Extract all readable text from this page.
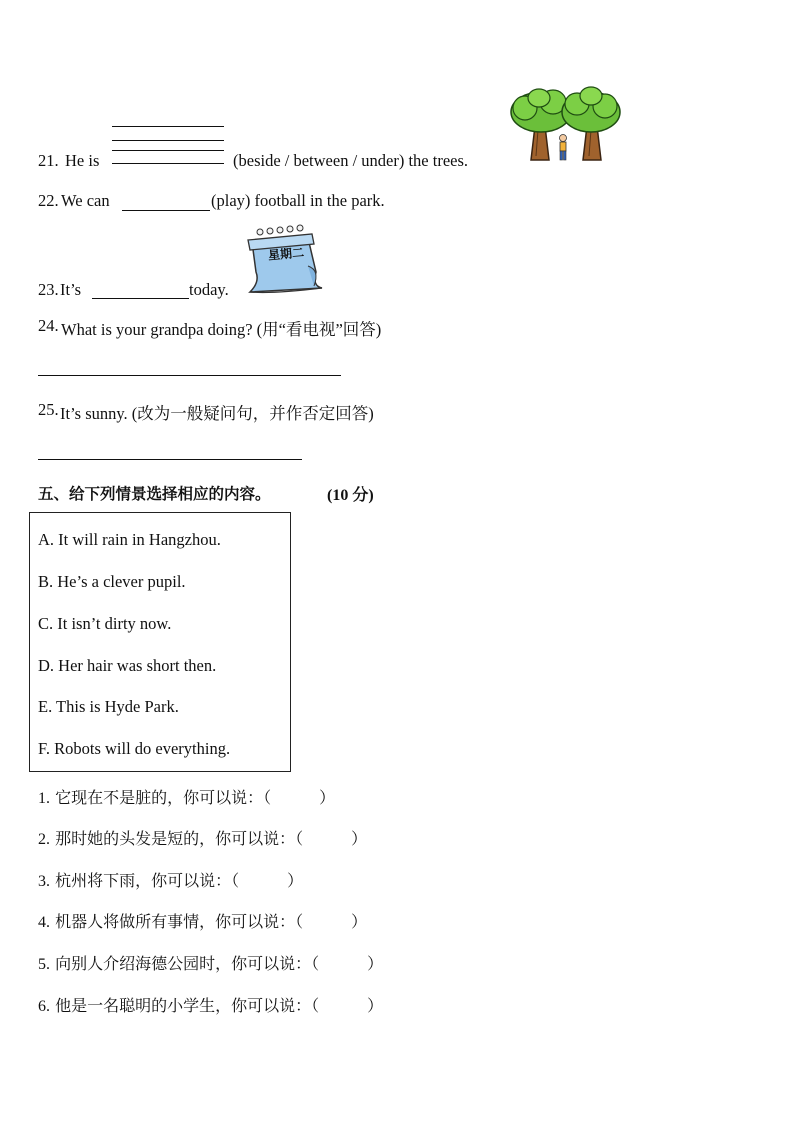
21. He is	(beside / between / under) the trees.
22. We can	(play) football in the park.
星期二
23. It’s	today.
24. What is your grandpa doing? (用“看电视”回答)
25. It’s sunny. (改为一般疑问句，并作否定回答)
五、给下列情景选择相应的内容。	(10 分)
A. It will rain in Hangzhou.
B. He’s a clever pupil.
C. It isn’t dirty now.
D. Her hair was short then.
E. This is Hyde Park.
F. Robots will do everything.
1. 它现在不是脏的，你可以说：（　　　）
2. 那时她的头发是短的，你可以说：（　　　）
3. 杭州将下雨，你可以说：（　　　）
4. 机器人将做所有事情，你可以说：（　　　）
5. 向别人介绍海德公园时，你可以说：（　　　）
6. 他是一名聪明的小学生，你可以说：（　　　）
